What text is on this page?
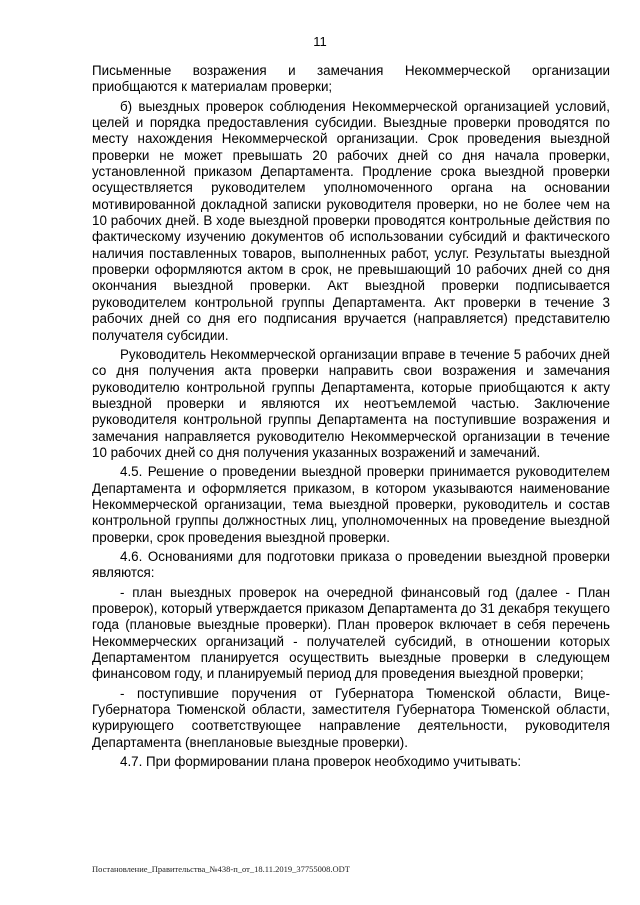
11

Письменные возражения и замечания Некоммерческой организации приобщаются к материалам проверки;

б) выездных проверок соблюдения Некоммерческой организацией условий, целей и порядка предоставления субсидии. Выездные проверки проводятся по месту нахождения Некоммерческой организации. Срок проведения выездной проверки не может превышать 20 рабочих дней со дня начала проверки, установленной приказом Департамента. Продление срока выездной проверки осуществляется руководителем уполномоченного органа на основании мотивированной докладной записки руководителя проверки, но не более чем на 10 рабочих дней. В ходе выездной проверки проводятся контрольные действия по фактическому изучению документов об использовании субсидий и фактического наличия поставленных товаров, выполненных работ, услуг. Результаты выездной проверки оформляются актом в срок, не превышающий 10 рабочих дней со дня окончания выездной проверки. Акт выездной проверки подписывается руководителем контрольной группы Департамента. Акт проверки в течение 3 рабочих дней со дня его подписания вручается (направляется) представителю получателя субсидии.

Руководитель Некоммерческой организации вправе в течение 5 рабочих дней со дня получения акта проверки направить свои возражения и замечания руководителю контрольной группы Департамента, которые приобщаются к акту выездной проверки и являются их неотъемлемой частью. Заключение руководителя контрольной группы Департамента на поступившие возражения и замечания направляется руководителю Некоммерческой организации в течение 10 рабочих дней со дня получения указанных возражений и замечаний.

4.5. Решение о проведении выездной проверки принимается руководителем Департамента и оформляется приказом, в котором указываются наименование Некоммерческой организации, тема выездной проверки, руководитель и состав контрольной группы должностных лиц, уполномоченных на проведение выездной проверки, срок проведения выездной проверки.

4.6. Основаниями для подготовки приказа о проведении выездной проверки являются:

- план выездных проверок на очередной финансовый год (далее - План проверок), который утверждается приказом Департамента до 31 декабря текущего года (плановые выездные проверки). План проверок включает в себя перечень Некоммерческих организаций - получателей субсидий, в отношении которых Департаментом планируется осуществить выездные проверки в следующем финансовом году, и планируемый период для проведения выездной проверки;

- поступившие поручения от Губернатора Тюменской области, Вице-Губернатора Тюменской области, заместителя Губернатора Тюменской области, курирующего соответствующее направление деятельности, руководителя Департамента (внеплановые выездные проверки).

4.7. При формировании плана проверок необходимо учитывать:

Постановление_Правительства_№438-п_от_18.11.2019_37755008.ODT
